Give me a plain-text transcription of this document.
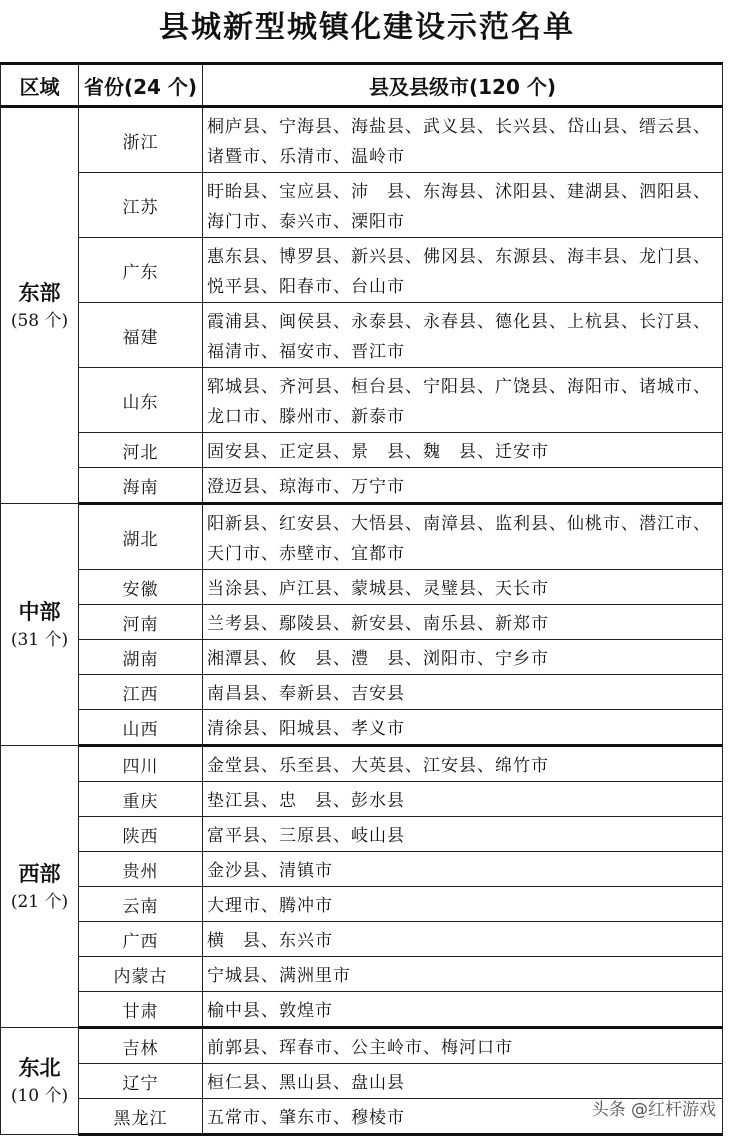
县城新型城镇化建设示范名单
区域	省份(24 个)	县及县级市(120 个)

东部
(58 个)	浙江	桐庐县、宁海县、海盐县、武义县、长兴县、岱山县、缙云县、诸暨市、乐清市、温岭市
	江苏	盱眙县、宝应县、沛　县、东海县、沭阳县、建湖县、泗阳县、海门市、泰兴市、溧阳市
	广东	惠东县、博罗县、新兴县、佛冈县、东源县、海丰县、龙门县、悦平县、阳春市、台山市
	福建	霞浦县、闽侯县、永泰县、永春县、德化县、上杭县、长汀县、福清市、福安市、晋江市
	山东	郓城县、齐河县、桓台县、宁阳县、广饶县、海阳市、诸城市、龙口市、滕州市、新泰市
	河北	固安县、正定县、景　县、魏　县、迁安市
	海南	澄迈县、琼海市、万宁市

中部
(31 个)	湖北	阳新县、红安县、大悟县、南漳县、监利县、仙桃市、潜江市、天门市、赤壁市、宜都市
	安徽	当涂县、庐江县、蒙城县、灵璧县、天长市
	河南	兰考县、鄢陵县、新安县、南乐县、新郑市
	湖南	湘潭县、攸　县、澧　县、浏阳市、宁乡市
	江西	南昌县、奉新县、吉安县
	山西	清徐县、阳城县、孝义市

西部
(21 个)	四川	金堂县、乐至县、大英县、江安县、绵竹市
	重庆	垫江县、忠　县、彭水县
	陕西	富平县、三原县、岐山县
	贵州	金沙县、清镇市
	云南	大理市、腾冲市
	广西	横　县、东兴市
	内蒙古	宁城县、满洲里市
	甘肃	榆中县、敦煌市

东北
(10 个)	吉林	前郭县、珲春市、公主岭市、梅河口市
	辽宁	桓仁县、黑山县、盘山县
	黑龙江	五常市、肇东市、穆棱市	头条 @红杆游戏
